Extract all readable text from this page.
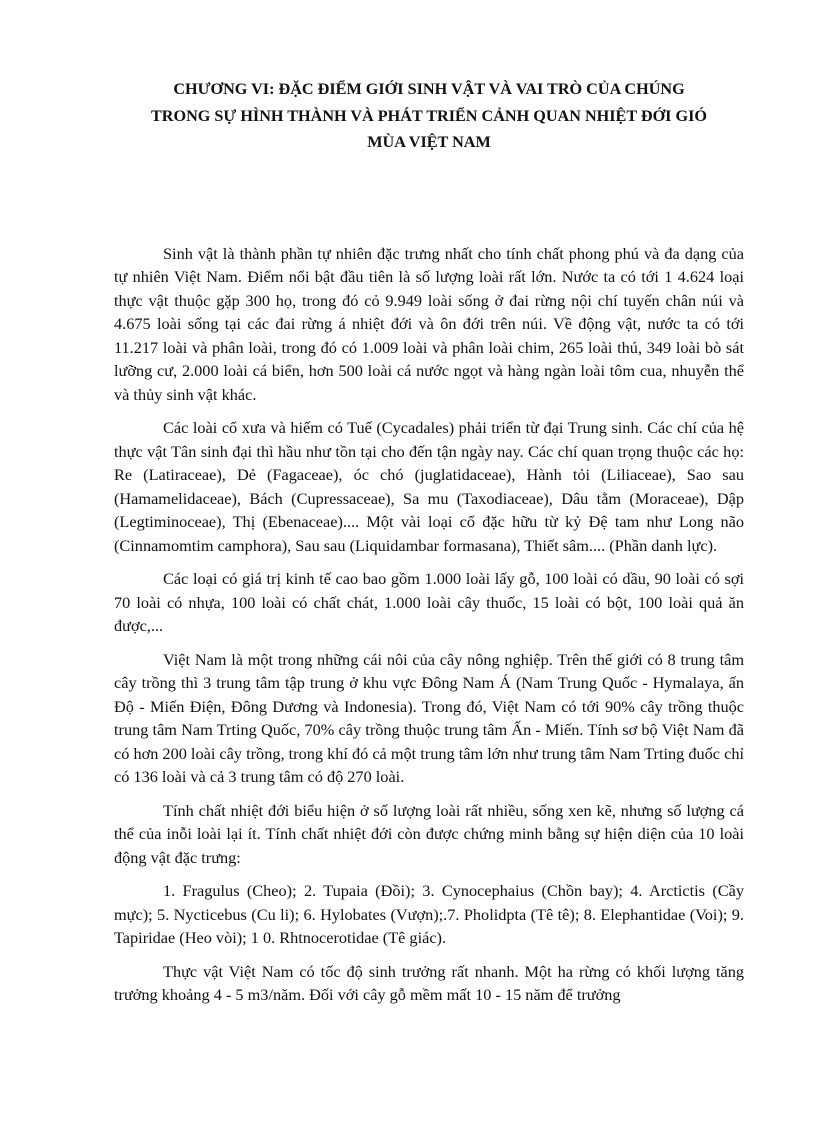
CHƯƠNG VI: ĐẶC ĐIỂM GIỚI SINH VẬT VÀ VAI TRÒ CỦA CHÚNG
TRONG SỰ HÌNH THÀNH VÀ PHÁT TRIỂN CẢNH QUAN NHIỆT ĐỚI GIÓ
MÙA VIỆT NAM

Sinh vật là thành phần tự nhiên đặc trưng nhất cho tính chất phong phú và đa dạng của tự nhiên Việt Nam. Điểm nổi bật đầu tiên là số lượng loài rất lớn. Nước ta có tới 1 4.624 loại thực vật thuộc gặp 300 họ, trong đó cỏ 9.949 loài sống ở đai rừng nội chí tuyến chân núi và 4.675 loài sống tại các đai rừng á nhiệt đới và ôn đới trên núi. Về động vật, nước ta có tới 11.217 loài và phân loài, trong đó có 1.009 loài và phân loài chim, 265 loài thú, 349 loài bò sát lưỡng cư, 2.000 loài cá biển, hơn 500 loài cá nước ngọt và hàng ngàn loài tôm cua, nhuyễn thể và thủy sinh vật khác.

Các loài cổ xưa và hiếm có Tuế (Cycadales) phải triển từ đại Trung sinh. Các chí của hệ thực vật Tân sinh đại thì hầu như tồn tại cho đến tận ngày nay. Các chí quan trọng thuộc các họ: Re (Latiraceae), Dẻ (Fagaceae), óc chó (juglatidaceae), Hành tỏi (Liliaceae), Sao sau (Hamamelidaceae), Bách (Cupressaceae), Sa mu (Taxodiaceae), Dâu tằm (Moraceae), Dập (Legtiminoceae), Thị (Ebenaceae).... Một vài loại cổ đặc hữu từ kỷ Đệ tam như Long não (Cinnamomtim camphora), Sau sau (Liquidambar formasana), Thiết sâm.... (Phần danh lực).

Các loại có giá trị kinh tế cao bao gồm 1.000 loài lấy gỗ, 100 loài có dầu, 90 loài có sợi 70 loài có nhựa, 100 loài có chất chát, 1.000 loài cây thuốc, 15 loài có bột, 100 loài quả ăn được,...

Việt Nam là một trong những cái nôi của cây nông nghiệp. Trên thế giới có 8 trung tâm cây trồng thì 3 trung tâm tập trung ở khu vực Đông Nam Á (Nam Trung Quốc - Hymalaya, ấn Độ - Miến Điện, Đông Dương và Indonesia). Trong đó, Việt Nam có tới 90% cây trồng thuộc trung tâm Nam Trting Quốc, 70% cây trồng thuộc trung tâm Ấn - Miến. Tính sơ bộ Việt Nam đã có hơn 200 loài cây trồng, trong khí đó cả một trung tâm lớn như trung tâm Nam Trting đuốc chỉ có 136 loài và cả 3 trung tâm có độ 270 loài.

Tính chất nhiệt đới biểu hiện ở số lượng loài rất nhiều, sống xen kẽ, nhưng số lượng cá thể của inỗi loài lại ít. Tính chất nhiệt đới còn được chứng minh bằng sự hiện diện của 10 loài động vật đặc trưng:

1. Fragulus (Cheo); 2. Tupaia (Đồi); 3. Cynocephaius (Chồn bay); 4. Arctictis (Cầy mực); 5. Nycticebus (Cu li); 6. Hylobates (Vượn);.7. Pholidpta (Tê tê); 8. Elephantidae (Voi); 9. Tapiridae (Heo vòi); 1 0. Rhtnocerotidae (Tê giác).

Thực vật Việt Nam có tốc độ sinh trưởng rất nhanh. Một ha rừng có khối lượng tăng trưởng khoảng 4 - 5 m3/năm. Đối với cây gỗ mềm mất 10 - 15 năm để trưởng
